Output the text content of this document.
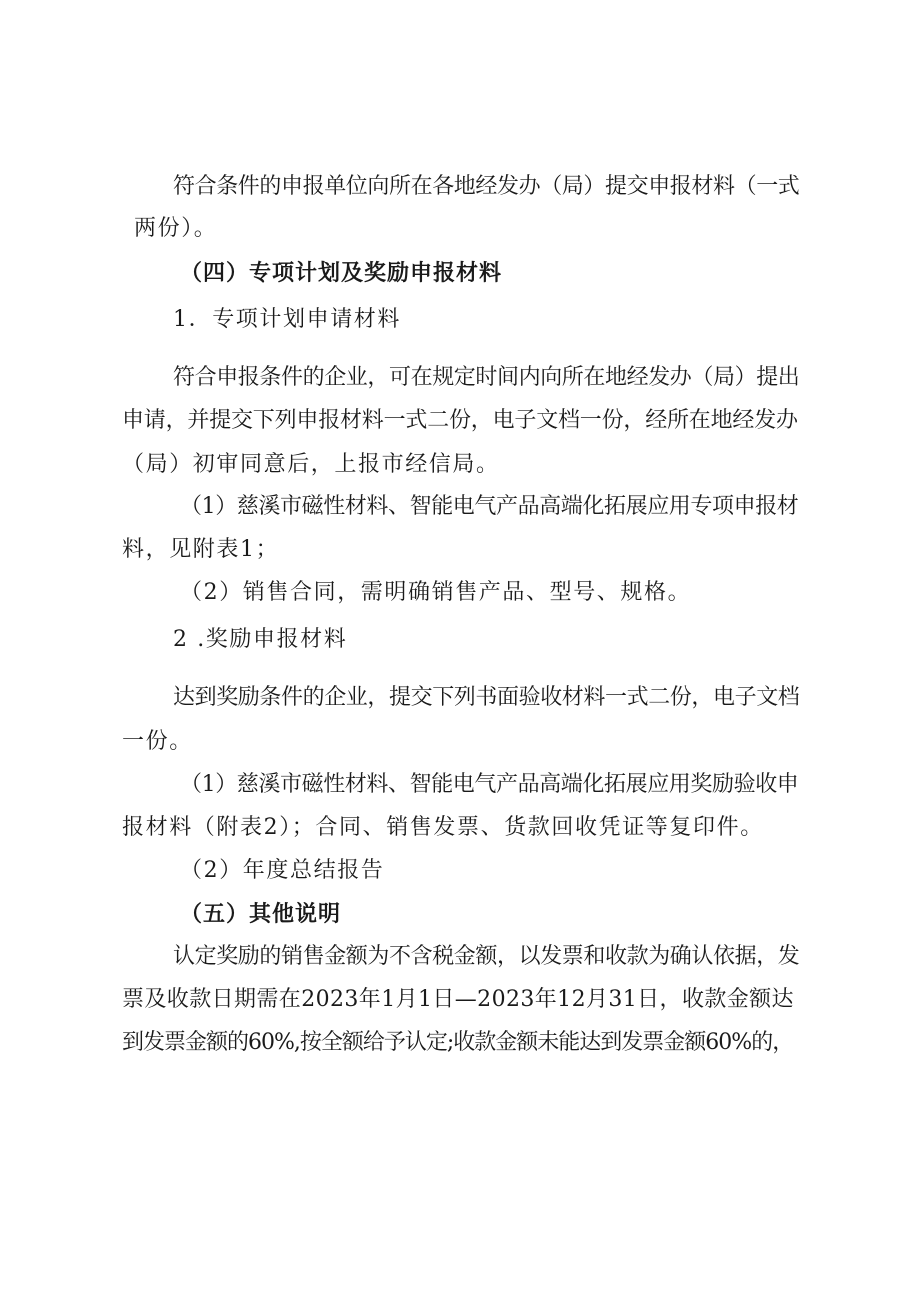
符合条件的申报单位向所在各地经发办（局）提交申报材料（一式
两份）。
（四）专项计划及奖励申报材料
1．专项计划申请材料
符合申报条件的企业，可在规定时间内向所在地经发办（局）提出
申请，并提交下列申报材料一式二份，电子文档一份，经所在地经发办
（局）初审同意后，上报市经信局。
（1）慈溪市磁性材料、智能电气产品高端化拓展应用专项申报材
料，见附表1；
（2）销售合同，需明确销售产品、型号、规格。
2 .奖励申报材料
达到奖励条件的企业，提交下列书面验收材料一式二份，电子文档
一份。
（1）慈溪市磁性材料、智能电气产品高端化拓展应用奖励验收申
报材料（附表2）；合同、销售发票、货款回收凭证等复印件。
（2）年度总结报告
（五）其他说明
认定奖励的销售金额为不含税金额，以发票和收款为确认依据，发
票及收款日期需在2023年1月1日—2023年12月31日，收款金额达
到发票金额的60%,按全额给予认定;收款金额未能达到发票金额60%的，
